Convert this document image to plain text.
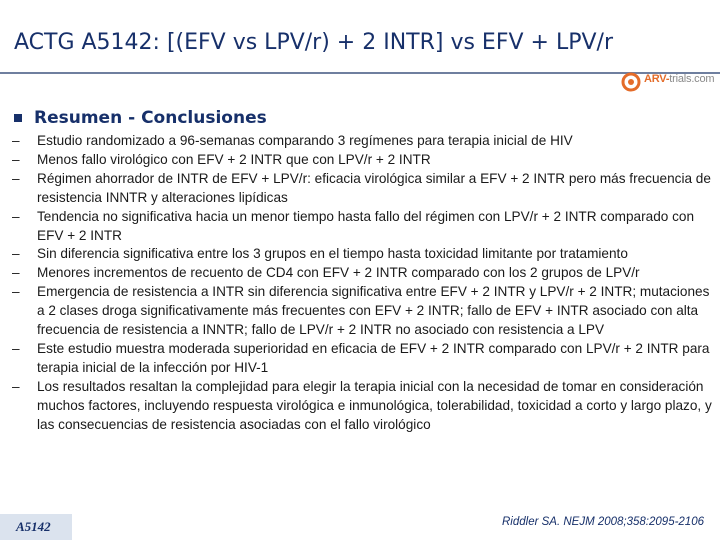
ACTG A5142: [(EFV vs LPV/r) + 2 INTR] vs EFV + LPV/r
ARV-trials.com
Resumen - Conclusiones
– Estudio randomizado a 96-semanas comparando 3 regímenes para terapia inicial de HIV
– Menos fallo virológico con EFV + 2 INTR que con LPV/r + 2 INTR
– Régimen ahorrador de INTR de EFV + LPV/r: eficacia virológica similar a EFV + 2 INTR pero más frecuencia de resistencia INNTR y alteraciones lipídicas
– Tendencia no significativa hacia un menor tiempo hasta fallo del régimen con LPV/r + 2 INTR comparado con EFV + 2 INTR
– Sin diferencia significativa entre los 3 grupos en el tiempo hasta toxicidad limitante por tratamiento
– Menores incrementos de recuento de CD4 con EFV + 2 INTR comparado con los 2 grupos de LPV/r
– Emergencia de resistencia a INTR sin diferencia significativa entre EFV + 2 INTR y LPV/r + 2 INTR; mutaciones a 2 clases droga significativamente más frecuentes con EFV + 2 INTR; fallo de EFV + INTR asociado con alta frecuencia de resistencia a INNTR; fallo de LPV/r + 2 INTR no asociado con resistencia a LPV
– Este estudio muestra moderada superioridad en eficacia de EFV + 2 INTR comparado con LPV/r + 2 INTR para terapia inicial de la infección por HIV-1
– Los resultados resaltan la complejidad para elegir la terapia inicial con la necesidad de tomar en consideración muchos factores, incluyendo respuesta virológica e inmunológica, tolerabilidad, toxicidad a corto y largo plazo, y las consecuencias de resistencia asociadas con el fallo virológico
A5142	Riddler SA. NEJM 2008;358:2095-2106
